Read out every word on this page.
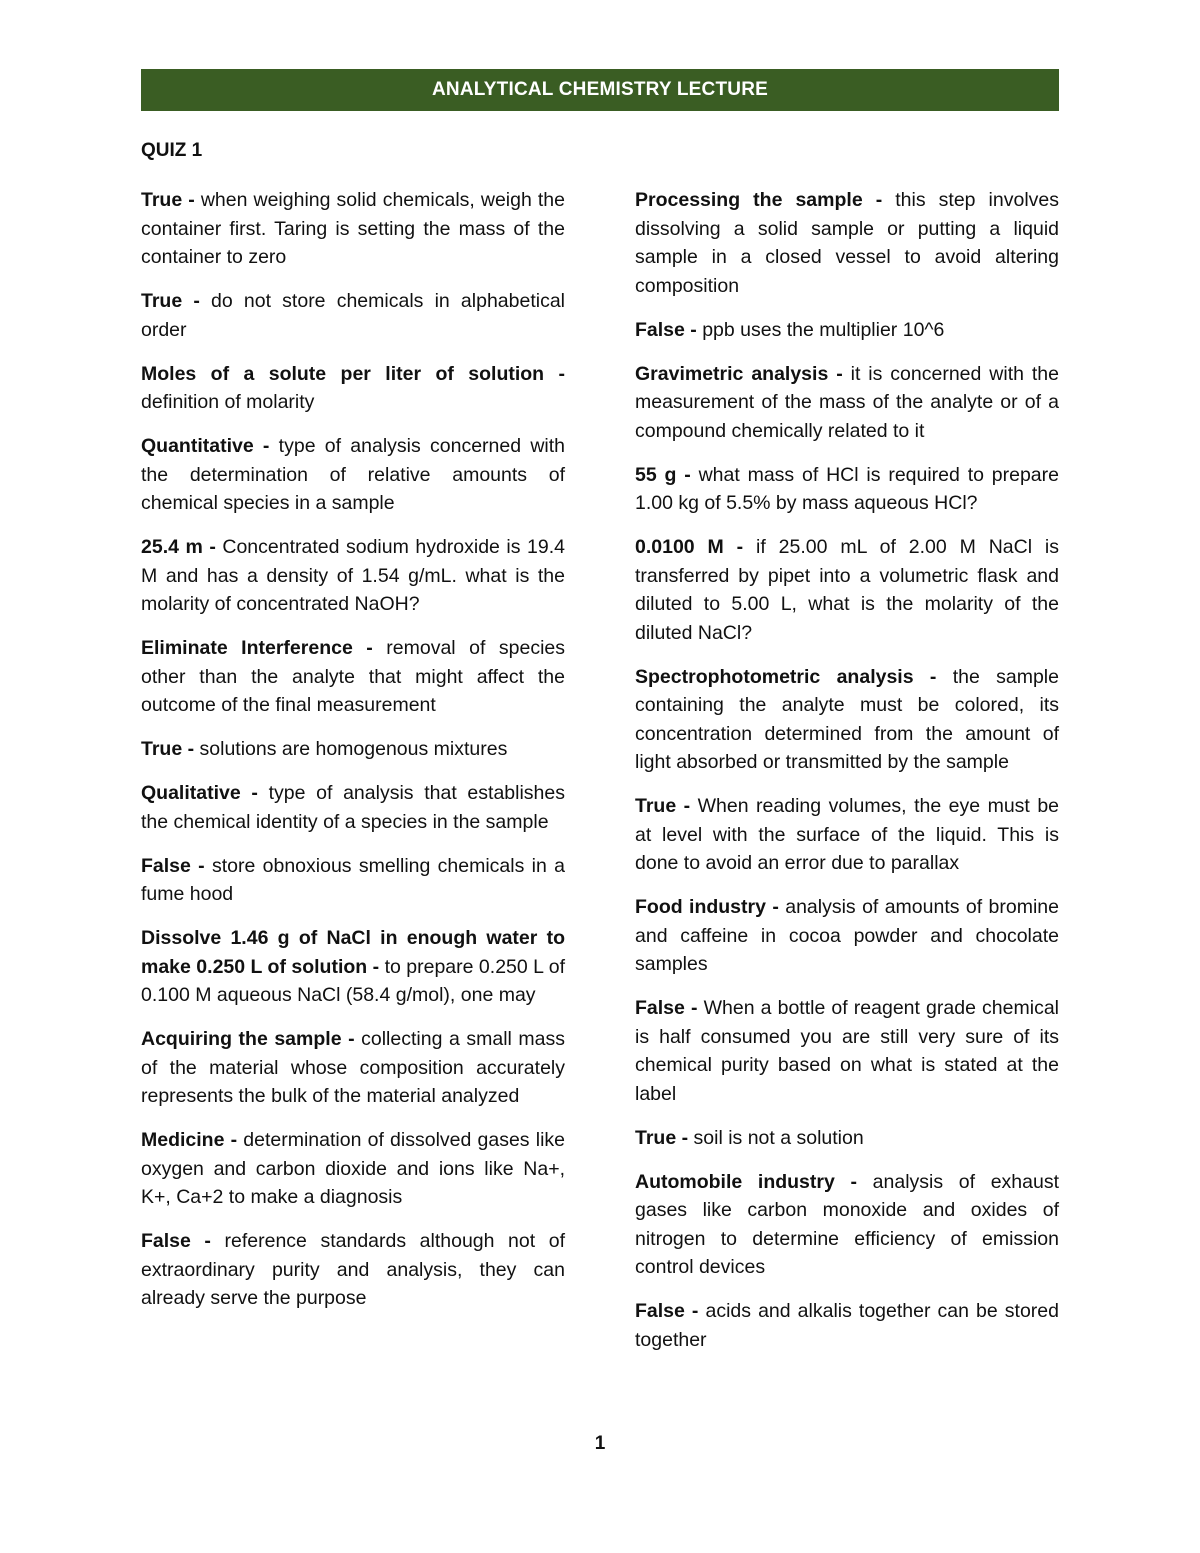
ANALYTICAL CHEMISTRY LECTURE
QUIZ 1

True - when weighing solid chemicals, weigh the container first. Taring is setting the mass of the container to zero

True - do not store chemicals in alphabetical order

Moles of a solute per liter of solution - definition of molarity

Quantitative - type of analysis concerned with the determination of relative amounts of chemical species in a sample

25.4 m - Concentrated sodium hydroxide is 19.4 M and has a density of 1.54 g/mL. what is the molarity of concentrated NaOH?

Eliminate Interference - removal of species other than the analyte that might affect the outcome of the final measurement

True - solutions are homogenous mixtures

Qualitative - type of analysis that establishes the chemical identity of a species in the sample

False - store obnoxious smelling chemicals in a fume hood

Dissolve 1.46 g of NaCl in enough water to make 0.250 L of solution - to prepare 0.250 L of 0.100 M aqueous NaCl (58.4 g/mol), one may

Acquiring the sample - collecting a small mass of the material whose composition accurately represents the bulk of the material analyzed

Medicine - determination of dissolved gases like oxygen and carbon dioxide and ions like Na+, K+, Ca+2 to make a diagnosis

False - reference standards although not of extraordinary purity and analysis, they can already serve the purpose

Processing the sample - this step involves dissolving a solid sample or putting a liquid sample in a closed vessel to avoid altering composition

False - ppb uses the multiplier 10^6

Gravimetric analysis - it is concerned with the measurement of the mass of the analyte or of a compound chemically related to it

55 g - what mass of HCl is required to prepare 1.00 kg of 5.5% by mass aqueous HCl?

0.0100 M - if 25.00 mL of 2.00 M NaCl is transferred by pipet into a volumetric flask and diluted to 5.00 L, what is the molarity of the diluted NaCl?

Spectrophotometric analysis - the sample containing the analyte must be colored, its concentration determined from the amount of light absorbed or transmitted by the sample

True - When reading volumes, the eye must be at level with the surface of the liquid. This is done to avoid an error due to parallax

Food industry - analysis of amounts of bromine and caffeine in cocoa powder and chocolate samples

False - When a bottle of reagent grade chemical is half consumed you are still very sure of its chemical purity based on what is stated at the label

True - soil is not a solution

Automobile industry - analysis of exhaust gases like carbon monoxide and oxides of nitrogen to determine efficiency of emission control devices

False - acids and alkalis together can be stored together

1
